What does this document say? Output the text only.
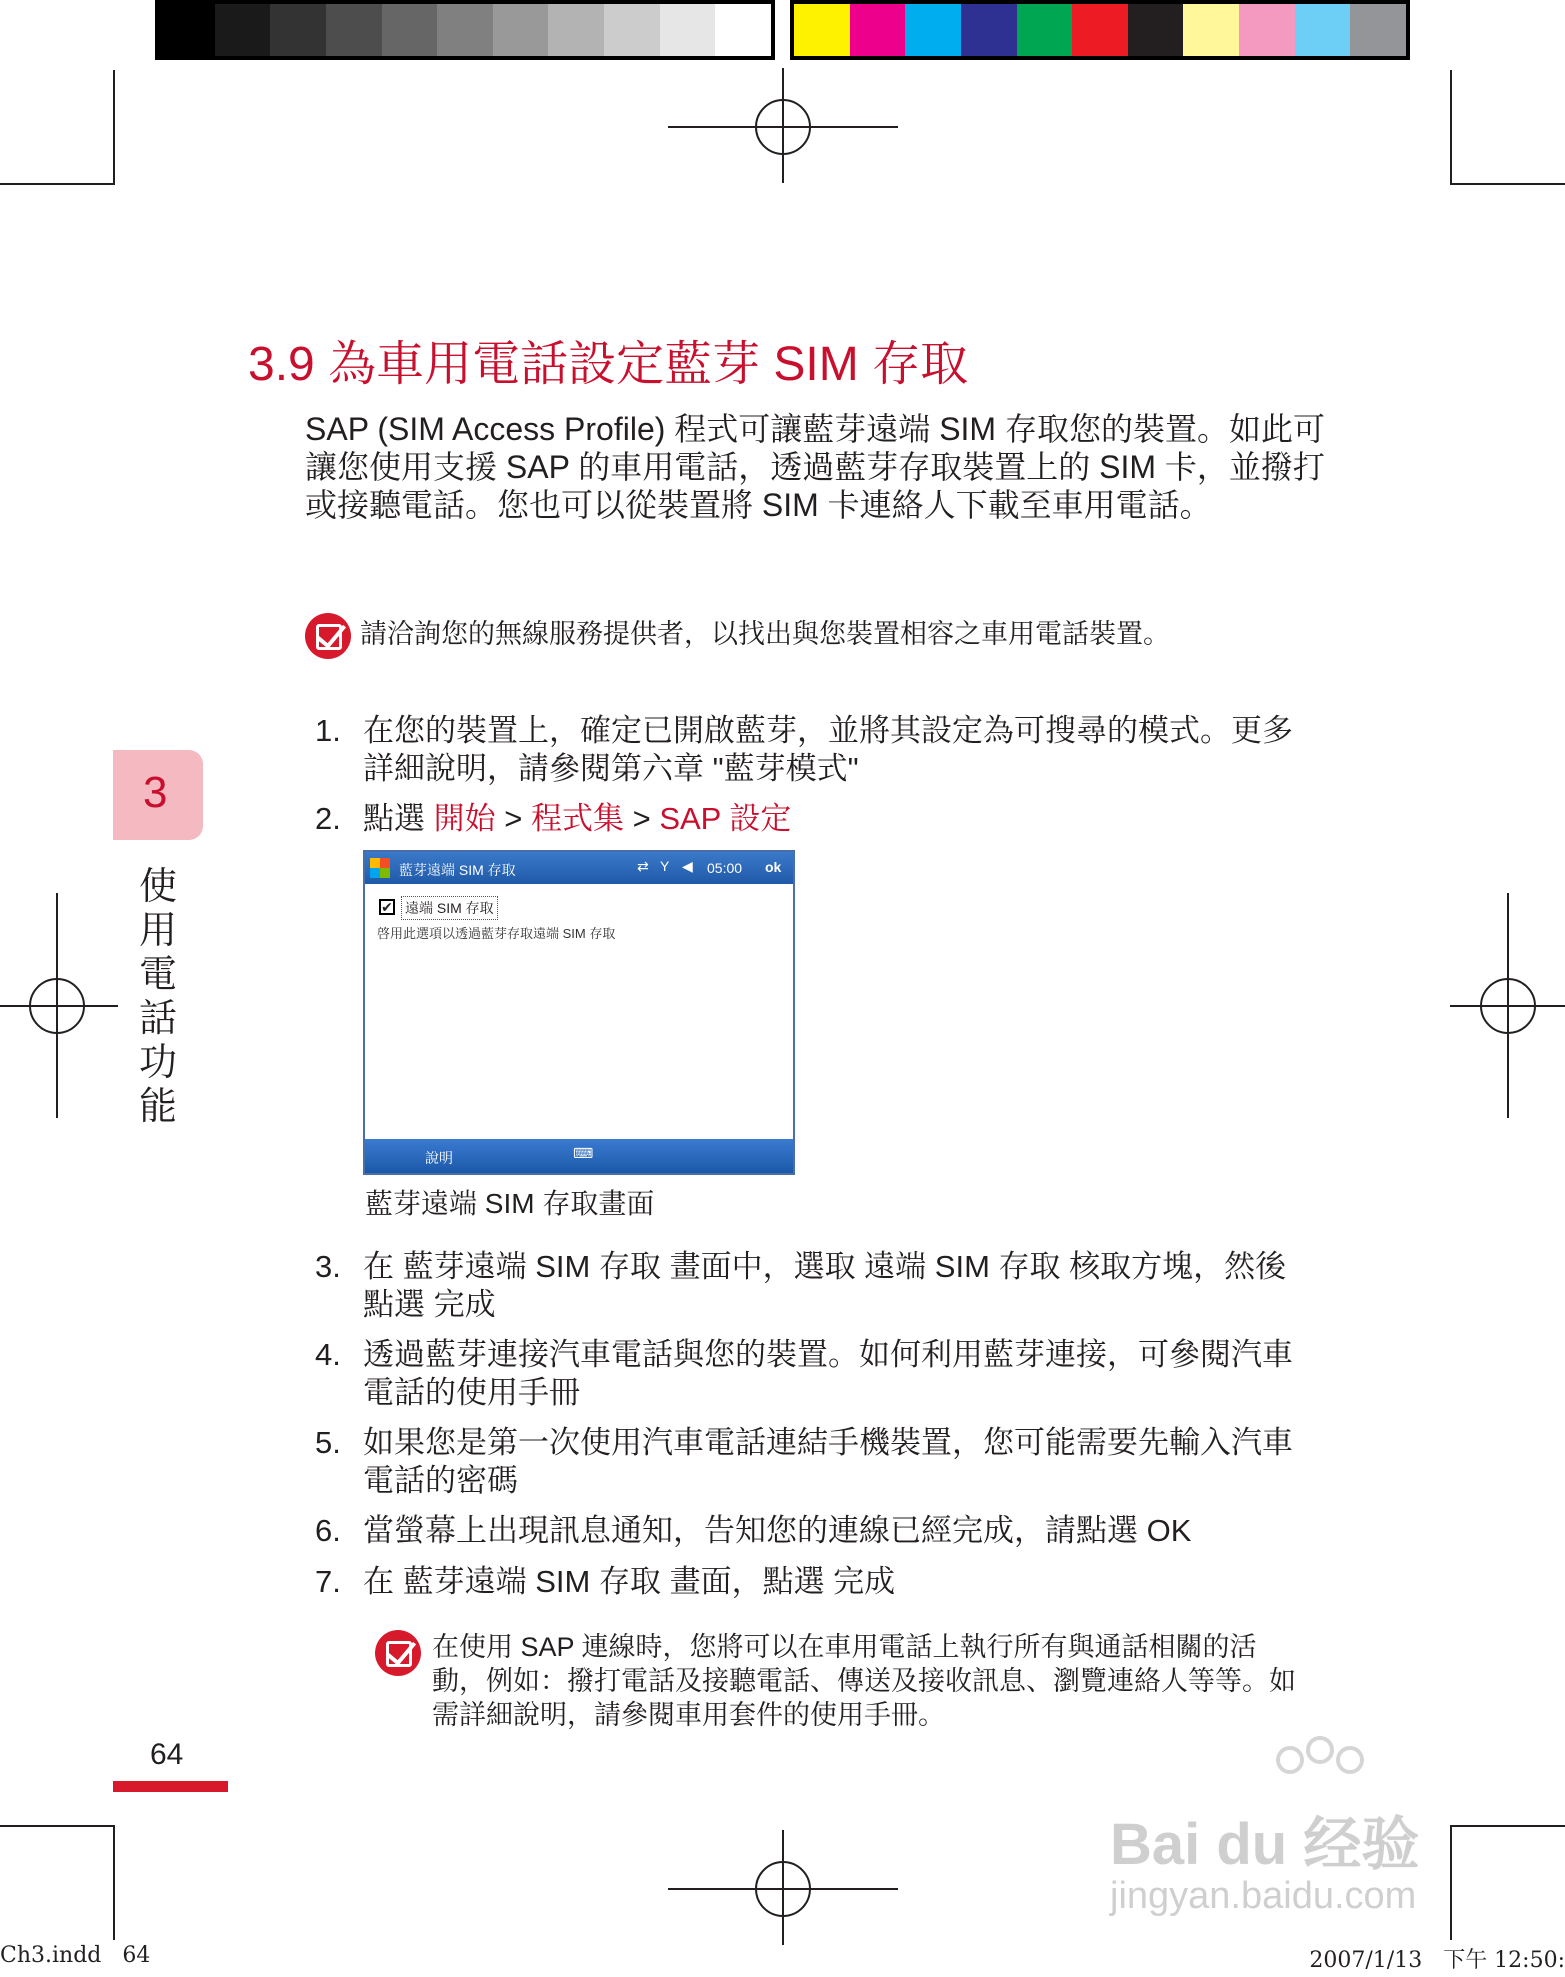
3.9 為車用電話設定藍芽 SIM 存取
SAP (SIM Access Profile) 程式可讓藍芽遠端 SIM 存取您的裝置。如此可
讓您使用支援 SAP 的車用電話，透過藍芽存取裝置上的 SIM 卡，並撥打
或接聽電話。您也可以從裝置將 SIM 卡連絡人下載至車用電話。
請洽詢您的無線服務提供者，以找出與您裝置相容之車用電話裝置。
1. 在您的裝置上，確定已開啟藍芽，並將其設定為可搜尋的模式。更多
詳細說明，請參閱第六章 "藍芽模式"
2. 點選 開始 > 程式集 > SAP 設定
藍芽遠端 SIM 存取	⇄ Y ◀ 05:00 ok
✔ 遠端 SIM 存取
啓用此選項以透過藍芽存取遠端 SIM 存取
說明	⌨
藍芽遠端 SIM 存取畫面
3. 在 藍芽遠端 SIM 存取 畫面中，選取 遠端 SIM 存取 核取方塊，然後
點選 完成
4. 透過藍芽連接汽車電話與您的裝置。如何利用藍芽連接，可參閱汽車
電話的使用手冊
5. 如果您是第一次使用汽車電話連結手機裝置，您可能需要先輸入汽車
電話的密碼
6. 當螢幕上出現訊息通知，告知您的連線已經完成，請點選 OK
7. 在 藍芽遠端 SIM 存取 畫面，點選 完成
在使用 SAP 連線時，您將可以在車用電話上執行所有與通話相關的活
動，例如：撥打電話及接聽電話、傳送及接收訊息、瀏覽連絡人等等。如
需詳細說明，請參閱車用套件的使用手冊。
3
使
用
電
話
功
能
64
Bai du 经验
jingyan.baidu.com
Ch3.indd   64	2007/1/13   下午 12:50:
